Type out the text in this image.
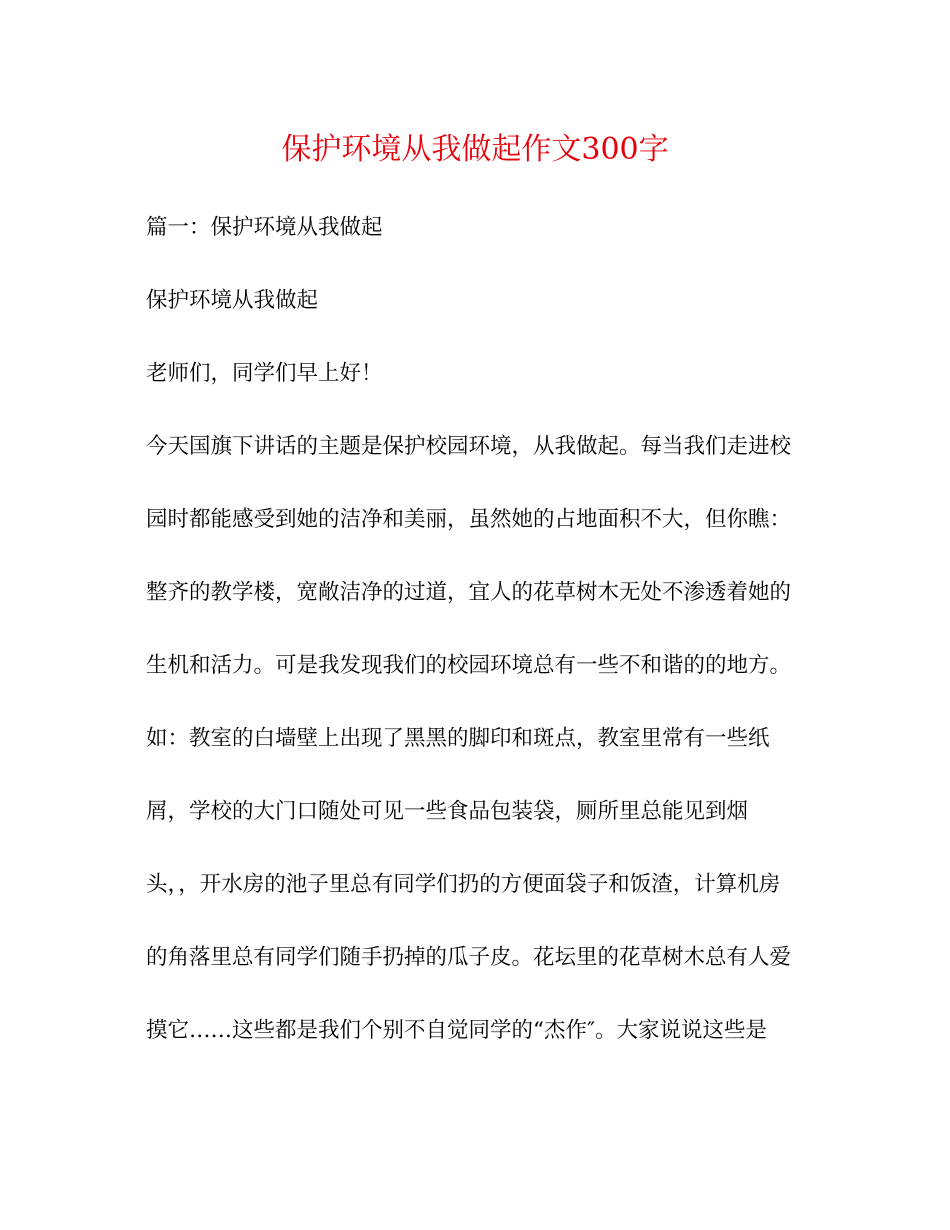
保护环境从我做起作文300字
篇一：保护环境从我做起
保护环境从我做起
老师们，同学们早上好！
今天国旗下讲话的主题是保护校园环境，从我做起。每当我们走进校
园时都能感受到她的洁净和美丽，虽然她的占地面积不大，但你瞧：
整齐的教学楼，宽敞洁净的过道，宜人的花草树木无处不渗透着她的
生机和活力。可是我发现我们的校园环境总有一些不和谐的的地方。
如：教室的白墙壁上出现了黑黑的脚印和斑点，教室里常有一些纸
屑，学校的大门口随处可见一些食品包装袋，厕所里总能见到烟
头，，开水房的池子里总有同学们扔的方便面袋子和饭渣，计算机房
的角落里总有同学们随手扔掉的瓜子皮。花坛里的花草树木总有人爱
摸它……这些都是我们个别不自觉同学的“杰作″。大家说说这些是
